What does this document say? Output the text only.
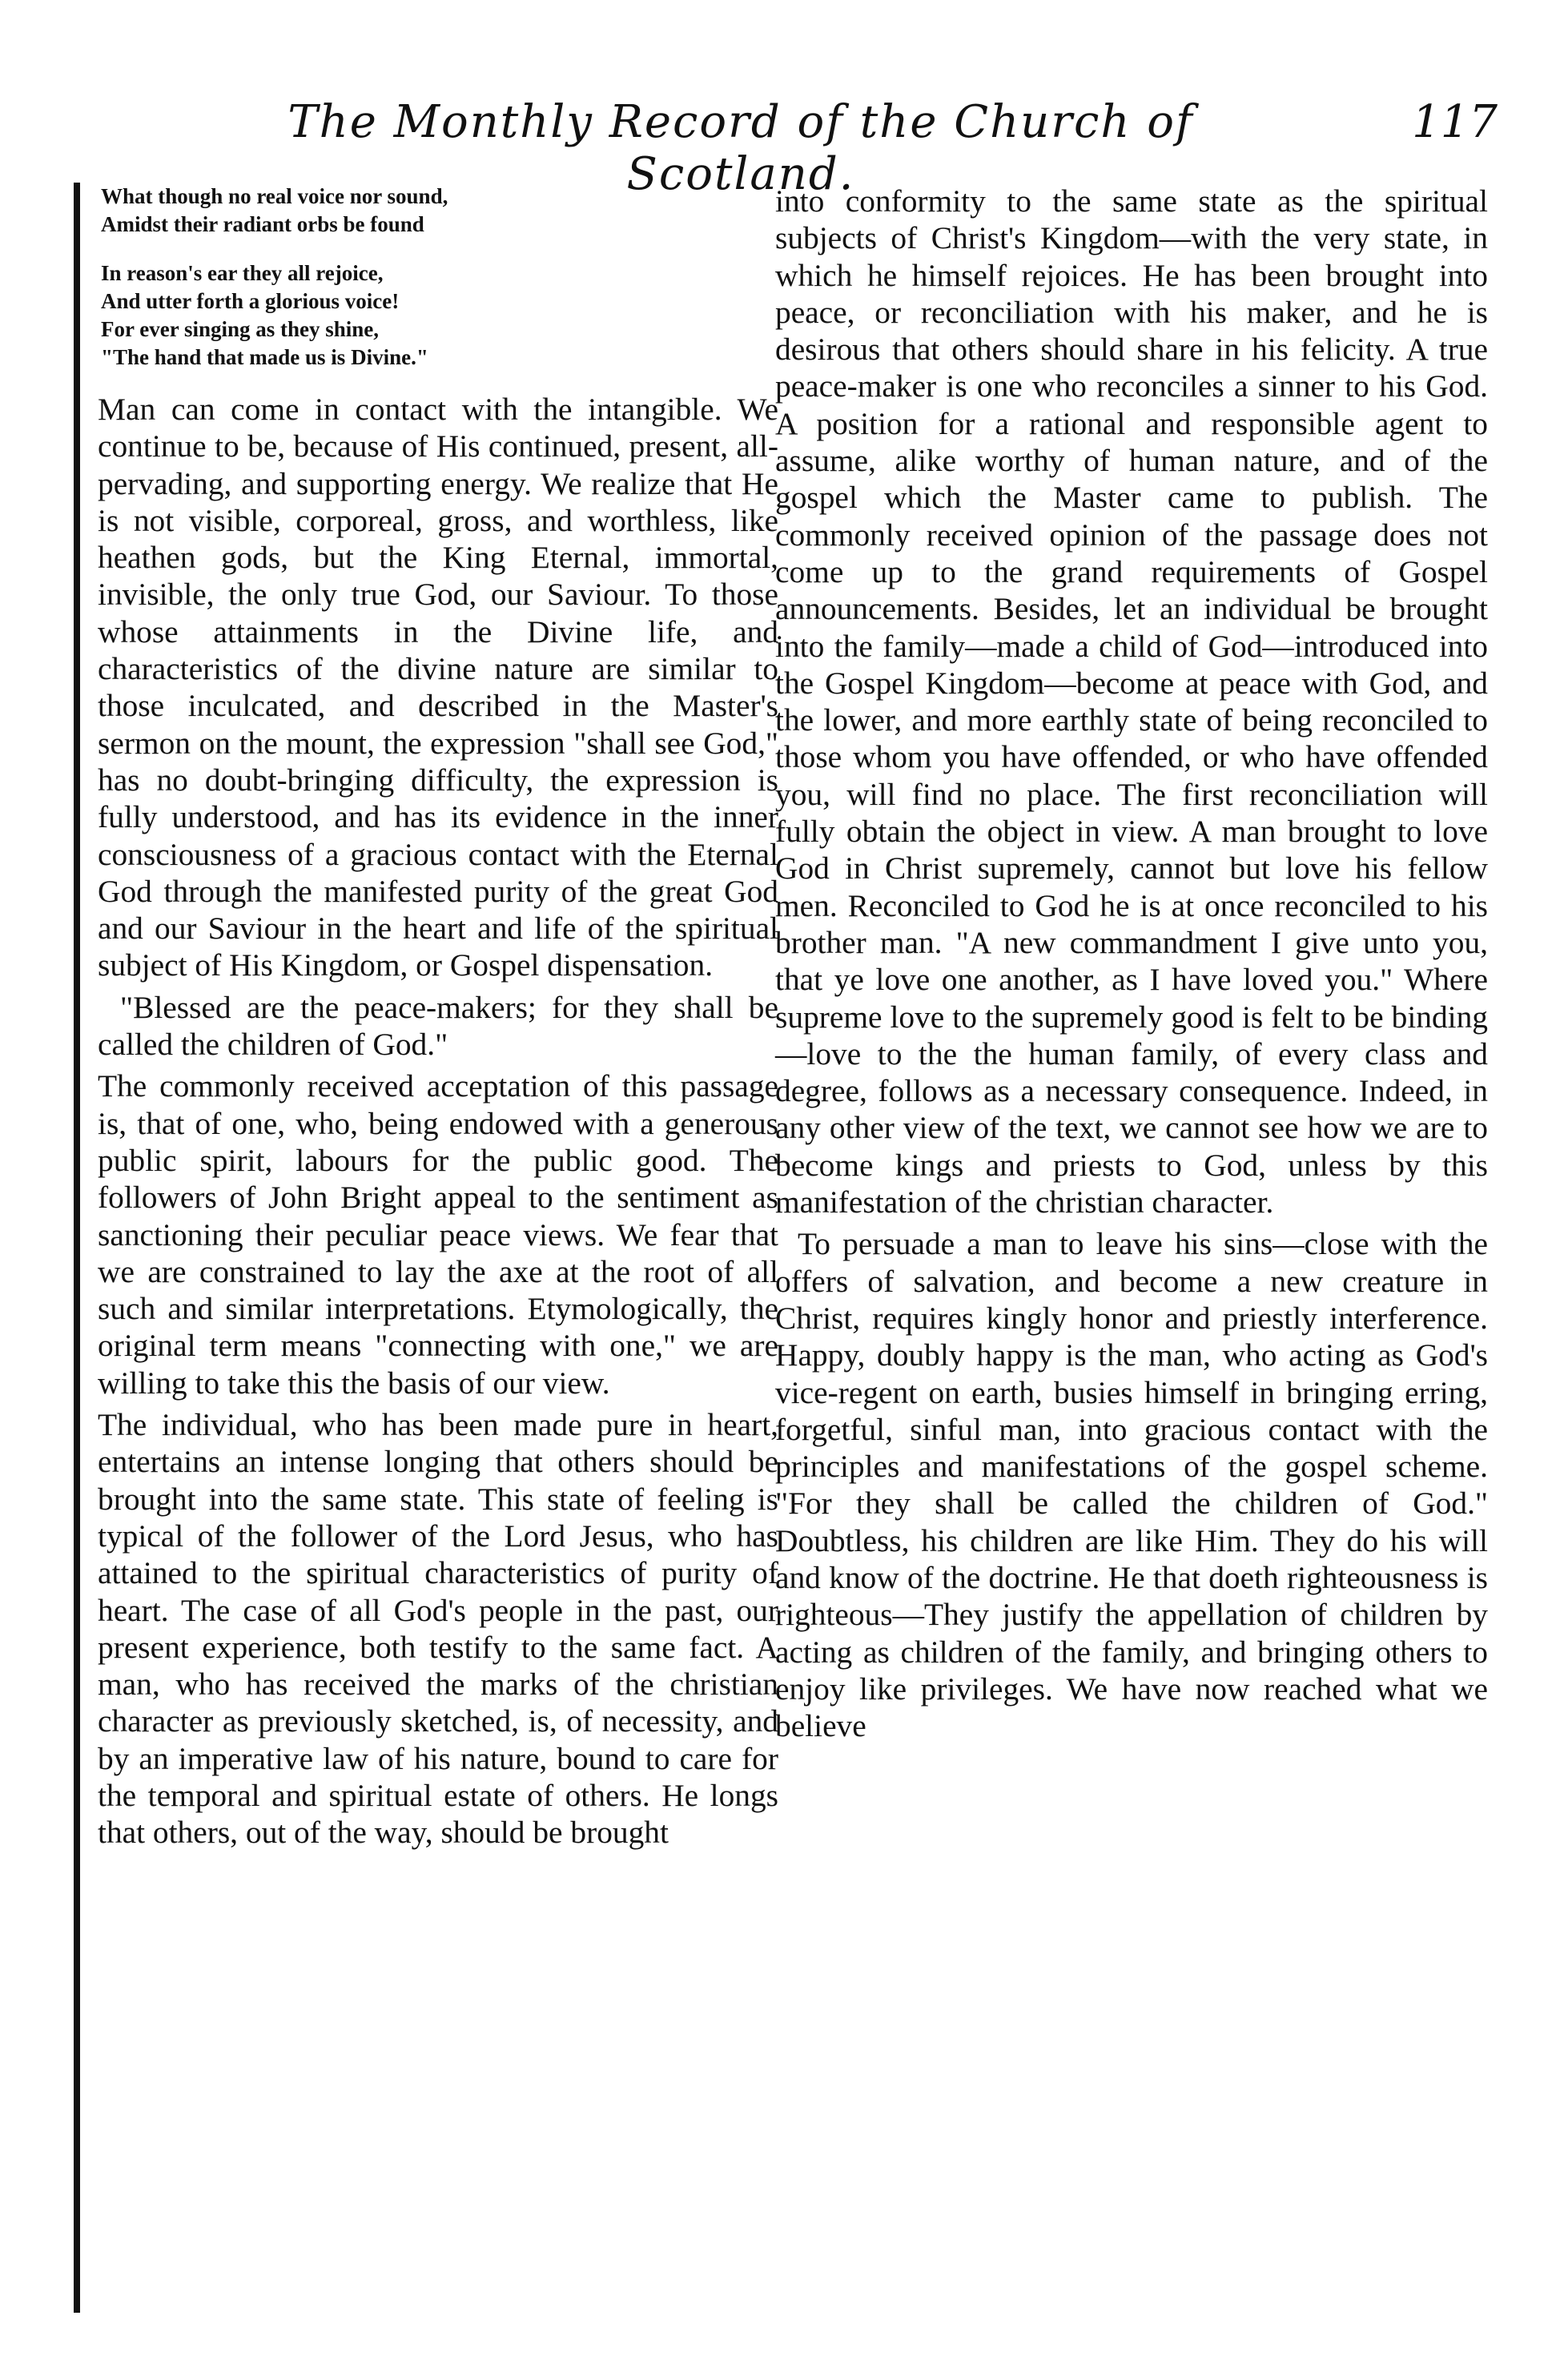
The Monthly Record of the Church of Scotland.
117
What though no real voice nor sound,
Amidst their radiant orbs be found
In reason's ear they all rejoice,
And utter forth a glorious voice!
For ever singing as they shine,
"The hand that made us is Divine."

Man can come in contact with the intangible. We continue to be, because of His continued, present, all-pervading, and supporting energy. We realize that He is not visible, corporeal, gross, and worthless, like heathen gods, but the King Eternal, immortal, invisible, the only true God, our Saviour. To those whose attainments in the Divine life, and characteristics of the divine nature are similar to those inculcated, and described in the Master's sermon on the mount, the expression "shall see God," has no doubt-bringing difficulty, the expression is fully understood, and has its evidence in the inner consciousness of a gracious contact with the Eternal God through the manifested purity of the great God and our Saviour in the heart and life of the spiritual subject of His Kingdom, or Gospel dispensation.

"Blessed are the peace-makers; for they shall be called the children of God."

The commonly received acceptation of this passage is, that of one, who, being endowed with a generous public spirit, labours for the public good. The followers of John Bright appeal to the sentiment as sanctioning their peculiar peace views. We fear that we are constrained to lay the axe at the root of all such and similar interpretations. Etymologically, the original term means "connecting with one," we are willing to take this the basis of our view.

The individual, who has been made pure in heart, entertains an intense longing that others should be brought into the same state. This state of feeling is typical of the follower of the Lord Jesus, who has attained to the spiritual characteristics of purity of heart. The case of all God's people in the past, our present experience, both testify to the same fact. A man, who has received the marks of the christian character as previously sketched, is, of necessity, and by an imperative law of his nature, bound to care for the temporal and spiritual estate of others. He longs that others, out of the way, should be brought

into conformity to the same state as the spiritual subjects of Christ's Kingdom—with the very state, in which he himself rejoices. He has been brought into peace, or reconciliation with his maker, and he is desirous that others should share in his felicity. A true peace-maker is one who reconciles a sinner to his God. A position for a rational and responsible agent to assume, alike worthy of human nature, and of the gospel which the Master came to publish. The commonly received opinion of the passage does not come up to the grand requirements of Gospel announcements. Besides, let an individual be brought into the family—made a child of God—introduced into the Gospel Kingdom—become at peace with God, and the lower, and more earthly state of being reconciled to those whom you have offended, or who have offended you, will find no place. The first reconciliation will fully obtain the object in view. A man brought to love God in Christ supremely, cannot but love his fellow men. Reconciled to God he is at once reconciled to his brother man. "A new commandment I give unto you, that ye love one another, as I have loved you." Where supreme love to the supremely good is felt to be binding—love to the the human family, of every class and degree, follows as a necessary consequence. Indeed, in any other view of the text, we cannot see how we are to become kings and priests to God, unless by this manifestation of the christian character.

To persuade a man to leave his sins—close with the offers of salvation, and become a new creature in Christ, requires kingly honor and priestly interference. Happy, doubly happy is the man, who acting as God's vice-regent on earth, busies himself in bringing erring, forgetful, sinful man, into gracious contact with the principles and manifestations of the gospel scheme. "For they shall be called the children of God." Doubtless, his children are like Him. They do his will and know of the doctrine. He that doeth righteousness is righteous—They justify the appellation of children by acting as children of the family, and bringing others to enjoy like privileges. We have now reached what we believe
